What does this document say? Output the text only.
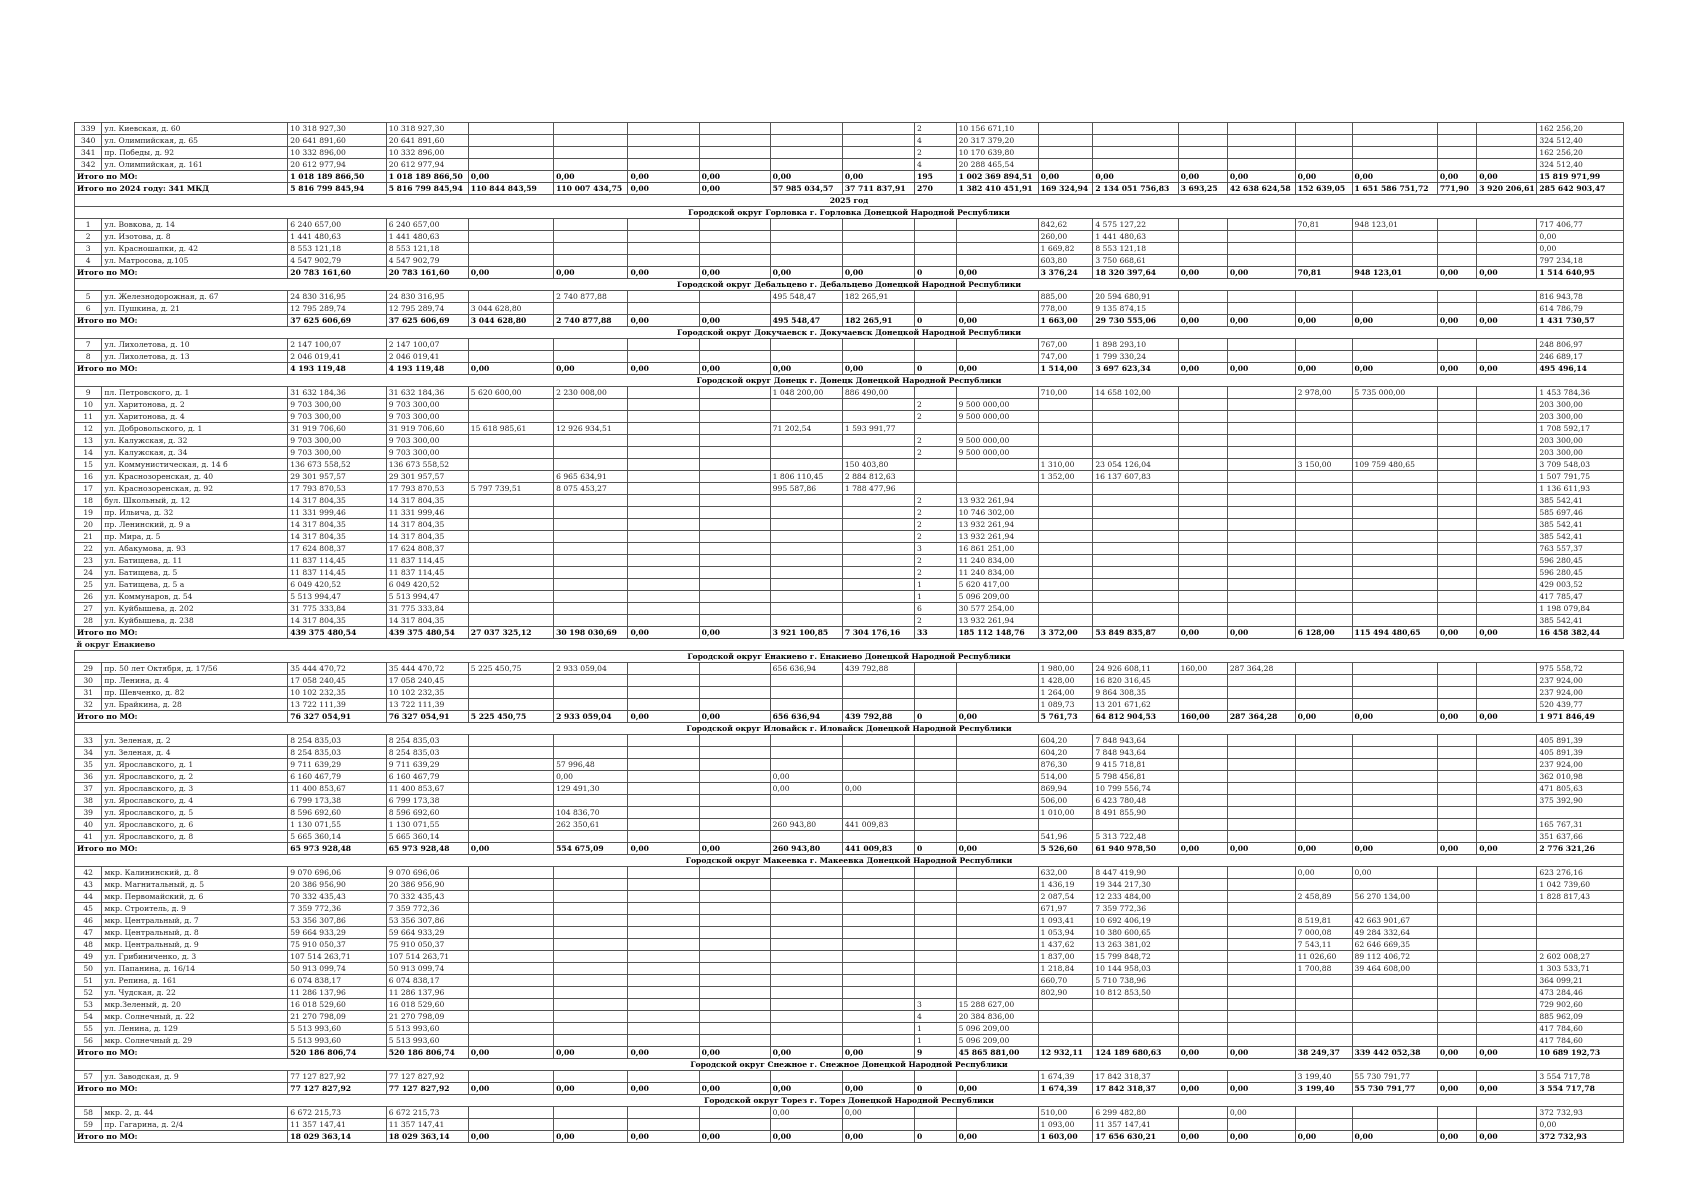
339	ул. Киевская, д. 60	10 318 927,30	10 318 927,30							2	10 156 671,10									162 256,20
340	ул. Олимпийская, д. 65	20 641 891,60	20 641 891,60							4	20 317 379,20									324 512,40
341	пр. Победы, д. 92	10 332 896,00	10 332 896,00							2	10 170 639,80									162 256,20
342	ул. Олимпийская, д. 161	20 612 977,94	20 612 977,94							4	20 288 465,54									324 512,40
Итого по МО:		1 018 189 866,50	1 018 189 866,50	0,00	0,00	0,00	0,00	0,00	0,00	195	1 002 369 894,51	0,00	0,00	0,00	0,00	0,00	0,00	0,00	0,00	15 819 971,99
Итого по 2024 году: 341 МКД		5 816 799 845,94	5 816 799 845,94	110 844 843,59	110 007 434,75	0,00	0,00	57 985 034,57	37 711 837,91	270	1 382 410 451,91	169 324,94	2 134 051 756,83	3 693,25	42 638 624,58	152 639,05	1 651 586 751,72	771,90	3 920 206,61	285 642 903,47
2025 год																				
Городской округ Горловка г. Горловка Донецкой Народной Республики																				
1	ул. Вовкова, д. 14	6 240 657,00	6 240 657,00									842,62	4 575 127,22			70,81	948 123,01			717 406,77
2	ул. Изотова, д. 8	1 441 480,63	1 441 480,63									260,00	1 441 480,63							0,00
3	ул. Красношапки, д. 42	8 553 121,18	8 553 121,18									1 669,82	8 553 121,18							0,00
4	ул. Матросова, д.105	4 547 902,79	4 547 902,79									603,80	3 750 668,61							797 234,18
Итого по МО:		20 783 161,60	20 783 161,60	0,00	0,00	0,00	0,00	0,00	0,00	0	0,00	3 376,24	18 320 397,64	0,00	0,00	70,81	948 123,01	0,00	0,00	1 514 640,95
Городской округ Дебальцево г. Дебальцево Донецкой Народной Республики																				
5	ул. Железнодорожная, д. 67	24 830 316,95	24 830 316,95		2 740 877,88			495 548,47	182 265,91			885,00	20 594 680,91							816 943,78
6	ул. Пушкина, д. 21	12 795 289,74	12 795 289,74	3 044 628,80								778,00	9 135 874,15							614 786,79
Итого по МО:		37 625 606,69	37 625 606,69	3 044 628,80	2 740 877,88	0,00	0,00	495 548,47	182 265,91	0	0,00	1 663,00	29 730 555,06	0,00	0,00	0,00	0,00	0,00	0,00	1 431 730,57
Городской округ Докучаевск г. Докучаевск Донецкой Народной Республики																				
7	ул. Лихолетова, д. 10	2 147 100,07	2 147 100,07									767,00	1 898 293,10							248 806,97
8	ул. Лихолетова, д. 13	2 046 019,41	2 046 019,41									747,00	1 799 330,24							246 689,17
Итого по МО:		4 193 119,48	4 193 119,48	0,00	0,00	0,00	0,00	0,00	0,00	0	0,00	1 514,00	3 697 623,34	0,00	0,00	0,00	0,00	0,00	0,00	495 496,14
Городской округ Донецк г. Донецк Донецкой Народной Республики																				
9	пл. Петровского, д. 1	31 632 184,36	31 632 184,36	5 620 600,00	2 230 008,00			1 048 200,00	886 490,00			710,00	14 658 102,00			2 978,00	5 735 000,00			1 453 784,36
10	ул. Харитонова, д. 2	9 703 300,00	9 703 300,00							2	9 500 000,00									203 300,00
11	ул. Харитонова, д. 4	9 703 300,00	9 703 300,00							2	9 500 000,00									203 300,00
12	ул. Добровольского, д. 1	31 919 706,60	31 919 706,60	15 618 985,61	12 926 934,51			71 202,54	1 593 991,77											1 708 592,17
13	ул. Калужская, д. 32	9 703 300,00	9 703 300,00							2	9 500 000,00									203 300,00
14	ул. Калужская, д. 34	9 703 300,00	9 703 300,00							2	9 500 000,00									203 300,00
15	ул. Коммунистическая, д. 14 б	136 673 558,52	136 673 558,52						150 403,80			1 310,00	23 054 126,04			3 150,00	109 759 480,65			3 709 548,03
16	ул. Краснозоренская, д. 40	29 301 957,57	29 301 957,57		6 965 634,91			1 806 110,45	2 884 812,63			1 352,00	16 137 607,83							1 507 791,75
17	ул. Краснозоренская, д. 92	17 793 870,53	17 793 870,53	5 797 739,51	8 075 453,27			995 587,86	1 788 477,96											1 136 611,93
18	бул. Школьный, д. 12	14 317 804,35	14 317 804,35							2	13 932 261,94									385 542,41
19	пр. Ильича, д. 32	11 331 999,46	11 331 999,46							2	10 746 302,00									585 697,46
20	пр. Ленинский, д. 9 а	14 317 804,35	14 317 804,35							2	13 932 261,94									385 542,41
21	пр. Мира, д. 5	14 317 804,35	14 317 804,35							2	13 932 261,94									385 542,41
22	ул. Абакумова, д. 93	17 624 808,37	17 624 808,37							3	16 861 251,00									763 557,37
23	ул. Батищева, д. 11	11 837 114,45	11 837 114,45							2	11 240 834,00									596 280,45
24	ул. Батищева, д. 5	11 837 114,45	11 837 114,45							2	11 240 834,00									596 280,45
25	ул. Батищева, д. 5 а	6 049 420,52	6 049 420,52							1	5 620 417,00									429 003,52
26	ул. Коммунаров, д. 54	5 513 994,47	5 513 994,47							1	5 096 209,00									417 785,47
27	ул. Куйбышева, д. 202	31 775 333,84	31 775 333,84							6	30 577 254,00									1 198 079,84
28	ул. Куйбышева, д. 238	14 317 804,35	14 317 804,35							2	13 932 261,94									385 542,41
Итого по МО:		439 375 480,54	439 375 480,54	27 037 325,12	30 198 030,69	0,00	0,00	3 921 100,85	7 304 176,16	33	185 112 148,76	3 372,00	53 849 835,87	0,00	0,00	6 128,00	115 494 480,65	0,00	0,00	16 458 382,44
й округ Енакиево																				
Городской округ Енакиево г. Енакиево Донецкой Народной Республики																				
29	пр. 50 лет Октября, д. 17/56	35 444 470,72	35 444 470,72	5 225 450,75	2 933 059,04			656 636,94	439 792,88			1 980,00	24 926 608,11	160,00	287 364,28					975 558,72
30	пр. Ленина, д. 4	17 058 240,45	17 058 240,45									1 428,00	16 820 316,45							237 924,00
31	пр. Шевченко, д. 82	10 102 232,35	10 102 232,35									1 264,00	9 864 308,35							237 924,00
32	ул. Брайкина, д. 28	13 722 111,39	13 722 111,39									1 089,73	13 201 671,62							520 439,77
Итого по МО:		76 327 054,91	76 327 054,91	5 225 450,75	2 933 059,04	0,00	0,00	656 636,94	439 792,88	0	0,00	5 761,73	64 812 904,53	160,00	287 364,28	0,00	0,00	0,00	0,00	1 971 846,49
Городской округ Иловайск г. Иловайск Донецкой Народной Республики																				
33	ул. Зеленая, д. 2	8 254 835,03	8 254 835,03									604,20	7 848 943,64							405 891,39
34	ул. Зеленая, д. 4	8 254 835,03	8 254 835,03									604,20	7 848 943,64							405 891,39
35	ул. Ярославского, д. 1	9 711 639,29	9 711 639,29		57 996,48							876,30	9 415 718,81							237 924,00
36	ул. Ярославского, д. 2	6 160 467,79	6 160 467,79		0,00			0,00				514,00	5 798 456,81							362 010,98
37	ул. Ярославского, д. 3	11 400 853,67	11 400 853,67		129 491,30			0,00	0,00			869,94	10 799 556,74							471 805,63
38	ул. Ярославского, д. 4	6 799 173,38	6 799 173,38									506,00	6 423 780,48							375 392,90
39	ул. Ярославского, д. 5	8 596 692,60	8 596 692,60		104 836,70							1 010,00	8 491 855,90							
40	ул. Ярославского, д. 6	1 130 071,55	1 130 071,55		262 350,61			260 943,80	441 009,83											165 767,31
41	ул. Ярославского, д. 8	5 665 360,14	5 665 360,14									541,96	5 313 722,48							351 637,66
Итого по МО:		65 973 928,48	65 973 928,48	0,00	554 675,09	0,00	0,00	260 943,80	441 009,83	0	0,00	5 526,60	61 940 978,50	0,00	0,00	0,00	0,00	0,00	0,00	2 776 321,26
Городской округ Макеевка г. Макеевка Донецкой Народной Республики																				
42	мкр. Калининский, д. 8	9 070 696,06	9 070 696,06									632,00	8 447 419,90			0,00	0,00			623 276,16
43	мкр. Магнитальный, д. 5	20 386 956,90	20 386 956,90									1 436,19	19 344 217,30							1 042 739,60
44	мкр. Первомайский, д. 6	70 332 435,43	70 332 435,43									2 087,54	12 233 484,00			2 458,89	56 270 134,00			1 828 817,43
45	мкр. Строитель, д. 9	7 359 772,36	7 359 772,36									671,97	7 359 772,36							
46	мкр. Центральный, д. 7	53 356 307,86	53 356 307,86									1 093,41	10 692 406,19			8 519,81	42 663 901,67			
47	мкр. Центральный, д. 8	59 664 933,29	59 664 933,29									1 053,94	10 380 600,65			7 000,08	49 284 332,64			
48	мкр. Центральный, д. 9	75 910 050,37	75 910 050,37									1 437,62	13 263 381,02			7 543,11	62 646 669,35			
49	ул. Грибиниченко, д. 3	107 514 263,71	107 514 263,71									1 837,00	15 799 848,72			11 026,60	89 112 406,72			2 602 008,27
50	ул. Папанина, д. 16/14	50 913 099,74	50 913 099,74									1 218,84	10 144 958,03			1 700,88	39 464 608,00			1 303 533,71
51	ул. Репина, д. 161	6 074 838,17	6 074 838,17									660,70	5 710 738,96							364 099,21
52	ул. Чудская, д. 22	11 286 137,96	11 286 137,96									802,90	10 812 853,50							473 284,46
53	мкр.Зеленый, д. 20	16 018 529,60	16 018 529,60							3	15 288 627,00									729 902,60
54	мкр. Солнечный, д. 22	21 270 798,09	21 270 798,09							4	20 384 836,00									885 962,09
55	ул. Ленина, д. 129	5 513 993,60	5 513 993,60							1	5 096 209,00									417 784,60
56	мкр. Солнечный д. 29	5 513 993,60	5 513 993,60							1	5 096 209,00									417 784,60
Итого по МО:		520 186 806,74	520 186 806,74	0,00	0,00	0,00	0,00	0,00	0,00	9	45 865 881,00	12 932,11	124 189 680,63	0,00	0,00	38 249,37	339 442 052,38	0,00	0,00	10 689 192,73
Городской округ Снежное г. Снежное Донецкой Народной Республики																				
57	ул. Заводская, д. 9	77 127 827,92	77 127 827,92									1 674,39	17 842 318,37			3 199,40	55 730 791,77			3 554 717,78
Итого по МО:		77 127 827,92	77 127 827,92	0,00	0,00	0,00	0,00	0,00	0,00	0	0,00	1 674,39	17 842 318,37	0,00	0,00	3 199,40	55 730 791,77	0,00	0,00	3 554 717,78
Городской округ Торез г. Торез Донецкой Народной Республики																				
58	мкр. 2, д. 44	6 672 215,73	6 672 215,73					0,00	0,00			510,00	6 299 482,80		0,00					372 732,93
59	пр. Гагарина, д. 2/4	11 357 147,41	11 357 147,41									1 093,00	11 357 147,41							0,00
Итого по МО:		18 029 363,14	18 029 363,14	0,00	0,00	0,00	0,00	0,00	0,00	0	0,00	1 603,00	17 656 630,21	0,00	0,00	0,00	0,00	0,00	0,00	372 732,93
